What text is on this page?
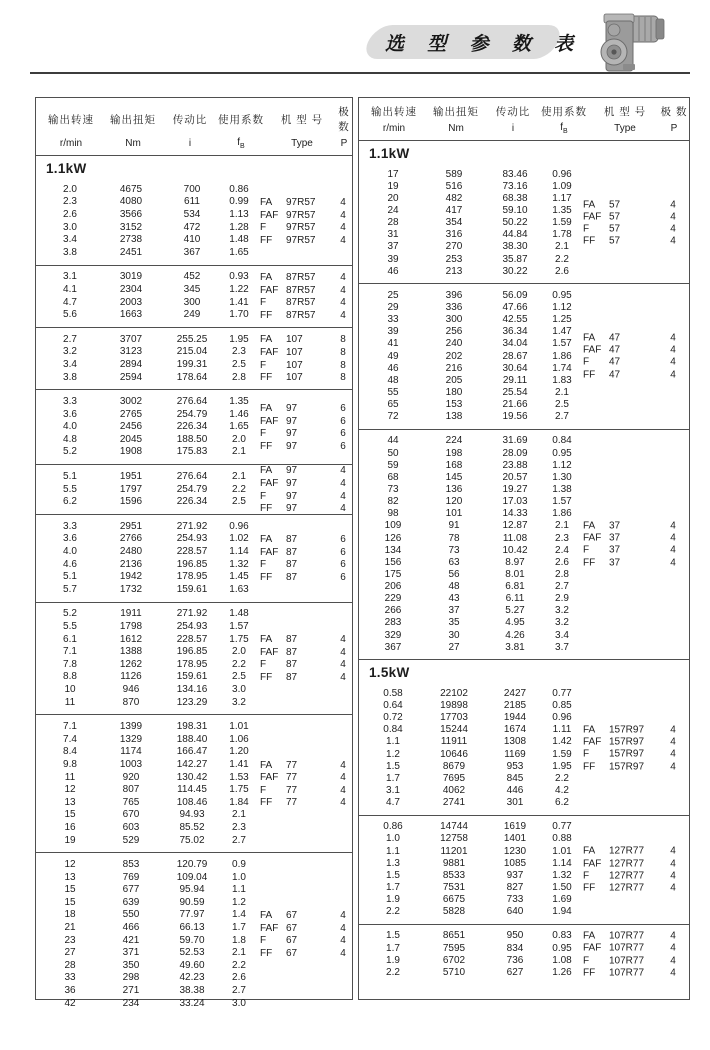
选 型 参 数 表
输出转速	输出扭矩	传动比	使用系数	机 型 号
极 数
r/min	Nm	i	$f_B$	Type	P
1.1kW
2.0	4675	700	0.86
2.3	4080	611	0.99
2.6	3566	534	1.13
3.0	3152	472	1.28
3.4	2738	410	1.48
3.8	2451	367	1.65
FA	97R57	4
FAF 97R57	4
F	97R57	4
FF	97R57	4
3.1	3019	452	0.93
4.1	2304	345	1.22
4.7	2003	300	1.41
5.6	1663	249	1.70
FA	87R57	4
FAF 87R57	4
F	87R57	4
FF	87R57	4
2.7	3707	255.25	1.95
3.2	3123	215.04	2.3
3.4	2894	199.31	2.5
3.8	2594	178.64	2.8
FA	107	8
FAF 107	8
F	107	8
FF	107	8
3.3	3002	276.64	1.35
3.6	2765	254.79	1.46
4.0	2456	226.34	1.65
4.8	2045	188.50	2.0
5.2	1908	175.83	2.1
FA	97	6
FAF 97	6
F	97	6
FF	97	6
5.1	1951	276.64	2.1
5.5	1797	254.79	2.2
6.2	1596	226.34	2.5
FA	97	4
FAF 97	4
F	97	4
FF	97	4
3.3	2951	271.92	0.96
3.6	2766	254.93	1.02
4.0	2480	228.57	1.14
4.6	2136	196.85	1.32
5.1	1942	178.95	1.45
5.7	1732	159.61	1.63
FA	87	6
FAF 87	6
F	87	6
FF	87	6
5.2	1911	271.92	1.48
5.5	1798	254.93	1.57
6.1	1612	228.57	1.75
7.1	1388	196.85	2.0
7.8	1262	178.95	2.2
8.8	1126	159.61	2.5
10	946	134.16	3.0
11	870	123.29	3.2
FA	87	4
FAF 87	4
F	87	4
FF	87	4
7.1	1399	198.31	1.01
7.4	1329	188.40	1.06
8.4	1174	166.47	1.20
9.8	1003	142.27	1.41
11	920	130.42	1.53
12	807	114.45	1.75
13	765	108.46	1.84
15	670	94.93	2.1
16	603	85.52	2.3
19	529	75.02	2.7
FA	77	4
FAF 77	4
F	77	4
FF	77	4
12	853	120.79	0.9
13	769	109.04	1.0
15	677	95.94	1.1
15	639	90.59	1.2
18	550	77.97	1.4
21	466	66.13	1.7
23	421	59.70	1.8
27	371	52.53	2.1
28	350	49.60	2.2
33	298	42.23	2.6
36	271	38.38	2.7
42	234	33.24	3.0
FA	67	4
FAF 67	4
F	67	4
FF	67	4
输出转速	输出扭矩	传动比	使用系数	机 型 号	极 数
r/min	Nm	i	$f_B$	Type	P
1.1kW
17	589	83.46	0.96
19	516	73.16	1.09
20	482	68.38	1.17
24	417	59.10	1.35
28	354	50.22	1.59
31	316	44.84	1.78
37	270	38.30	2.1
39	253	35.87	2.2
46	213	30.22	2.6
FA	57	4
FAF 57	4
F	57	4
FF	57	4
25	396	56.09	0.95
29	336	47.66	1.12
33	300	42.55	1.25
39	256	36.34	1.47
41	240	34.04	1.57
49	202	28.67	1.86
46	216	30.64	1.74
48	205	29.11	1.83
55	180	25.54	2.1
65	153	21.66	2.5
72	138	19.56	2.7
FA	47	4
FAF 47	4
F	47	4
FF	47	4
44	224	31.69	0.84
50	198	28.09	0.95
59	168	23.88	1.12
68	145	20.57	1.30
73	136	19.27	1.38
82	120	17.03	1.57
98	101	14.33	1.86
109	91	12.87	2.1
126	78	11.08	2.3
134	73	10.42	2.4
156	63	8.97	2.6
175	56	8.01	2.8
206	48	6.81	2.7
229	43	6.11	2.9
266	37	5.27	3.2
283	35	4.95	3.2
329	30	4.26	3.4
367	27	3.81	3.7
FA	37	4
FAF 37	4
F	37	4
FF	37	4
1.5kW
0.58	22102	2427	0.77
0.64	19898	2185	0.85
0.72	17703	1944	0.96
0.84	15244	1674	1.11
1.1	11911	1308	1.42
1.2	10646	1169	1.59
1.5	8679	953	1.95
1.7	7695	845	2.2
3.1	4062	446	4.2
4.7	2741	301	6.2
FA	157R97	4
FAF 157R97	4
F	157R97	4
FF	157R97	4
0.86	14744	1619	0.77
1.0	12758	1401	0.88
1.1	11201	1230	1.01
1.3	9881	1085	1.14
1.5	8533	937	1.32
1.7	7531	827	1.50
1.9	6675	733	1.69
2.2	5828	640	1.94
FA	127R77	4
FAF 127R77	4
F	127R77	4
FF	127R77	4
1.5	8651	950	0.83
1.7	7595	834	0.95
1.9	6702	736	1.08
2.2	5710	627	1.26
FA	107R77	4
FAF 107R77	4
F	107R77	4
FF	107R77	4
